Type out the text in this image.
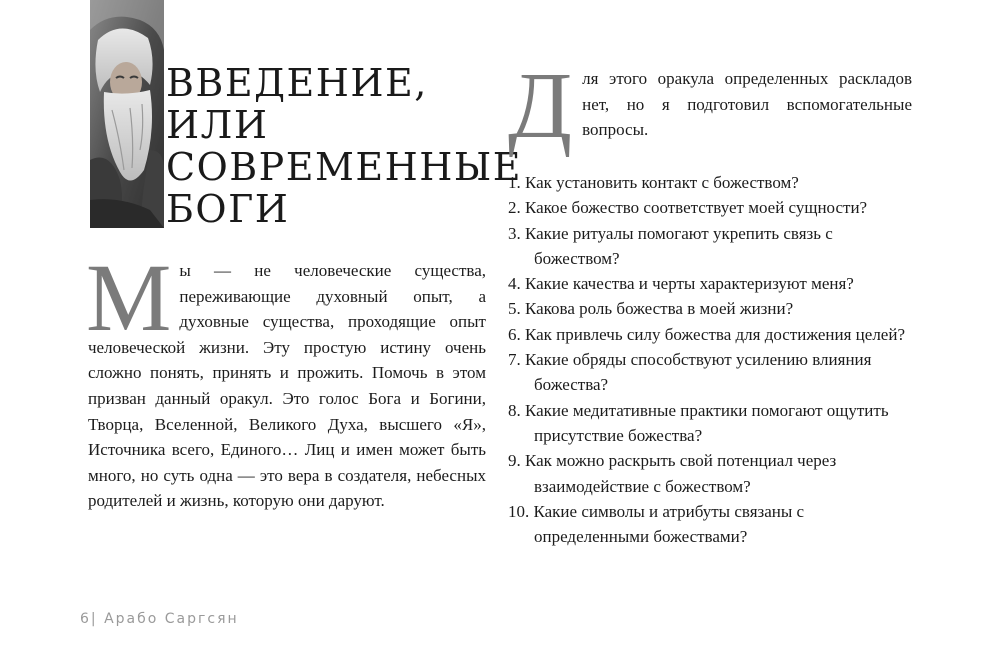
ВВЕДЕНИЕ,
ИЛИ
СОВРЕМЕННЫЕ
БОГИ

Мы — не человеческие существа, переживающие духовный опыт, а духовные существа, проходящие опыт человеческой жизни. Эту простую истину очень сложно понять, принять и прожить. Помочь в этом призван данный оракул. Это голос Бога и Богини, Творца, Вселенной, Великого Духа, высшего «Я», Источника всего, Единого… Лиц и имен может быть много, но суть одна — это вера в создателя, небесных родителей и жизнь, которую они даруют.

Для этого оракула определенных раскладов нет, но я подготовил вспомогательные вопросы.

1. Как установить контакт с божеством?
2. Какое божество соответствует моей сущности?
3. Какие ритуалы помогают укрепить связь с божеством?
4. Какие качества и черты характеризуют меня?
5. Какова роль божества в моей жизни?
6. Как привлечь силу божества для достижения целей?
7. Какие обряды способствуют усилению влияния божества?
8. Какие медитативные практики помогают ощутить присутствие божества?
9. Как можно раскрыть свой потенциал через взаимодействие с божеством?
10. Какие символы и атрибуты связаны с определенными божествами?
6| Арабо Саргсян
